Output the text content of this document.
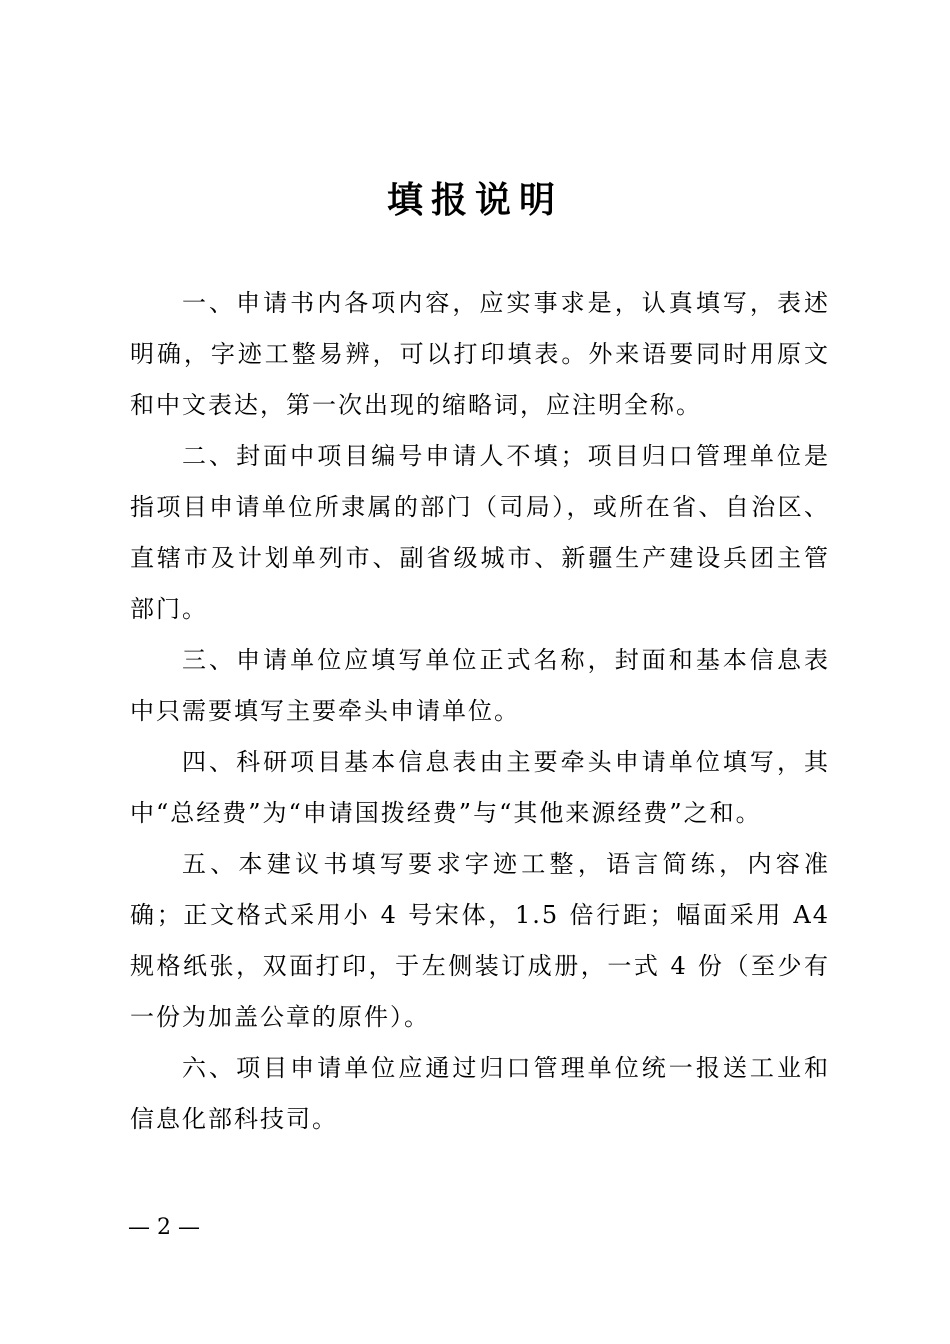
填报说明

一、申请书内各项内容，应实事求是，认真填写，表述明确，字迹工整易辨，可以打印填表。外来语要同时用原文和中文表达，第一次出现的缩略词，应注明全称。

二、封面中项目编号申请人不填；项目归口管理单位是指项目申请单位所隶属的部门（司局），或所在省、自治区、直辖市及计划单列市、副省级城市、新疆生产建设兵团主管部门。

三、申请单位应填写单位正式名称，封面和基本信息表中只需要填写主要牵头申请单位。

四、科研项目基本信息表由主要牵头申请单位填写，其中“总经费”为“申请国拨经费”与“其他来源经费”之和。

五、本建议书填写要求字迹工整，语言简练，内容准确；正文格式采用小 4 号宋体，1.5 倍行距；幅面采用 A4 规格纸张，双面打印，于左侧装订成册，一式 4 份（至少有一份为加盖公章的原件）。

六、项目申请单位应通过归口管理单位统一报送工业和信息化部科技司。

— 2 —
